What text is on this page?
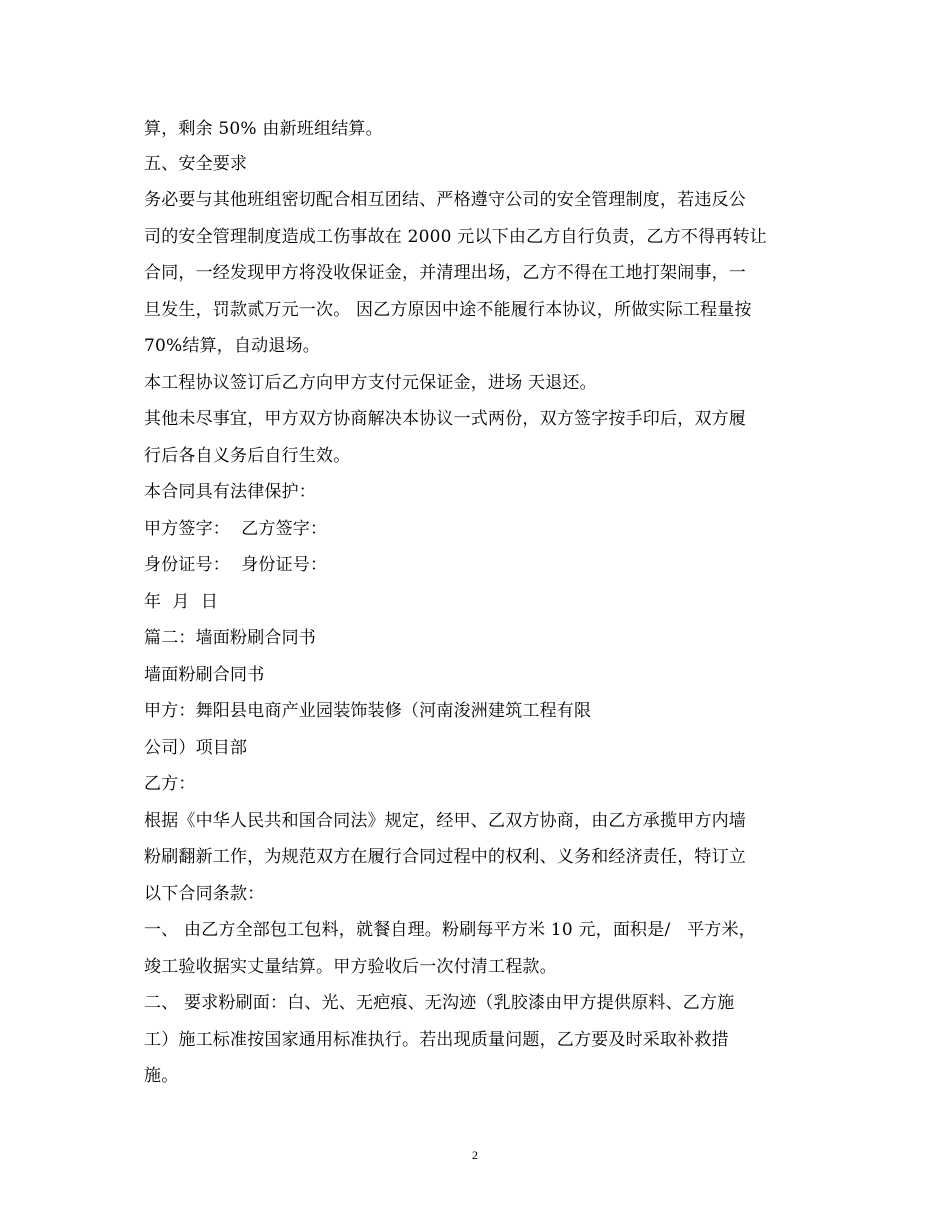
算，剩余 50% 由新班组结算。
五、安全要求
务必要与其他班组密切配合相互团结、严格遵守公司的安全管理制度，若违反公
司的安全管理制度造成工伤事故在 2000 元以下由乙方自行负责，乙方不得再转让
合同，一经发现甲方将没收保证金，并清理出场，乙方不得在工地打架闹事，一
旦发生，罚款贰万元一次。 因乙方原因中途不能履行本协议，所做实际工程量按
70%结算，自动退场。
本工程协议签订后乙方向甲方支付元保证金，进场 天退还。
其他未尽事宜，甲方双方协商解决本协议一式两份，双方签字按手印后，双方履
行后各自义务后自行生效。
本合同具有法律保护：
甲方签字：  乙方签字：
身份证号：  身份证号：
年  月  日
篇二：墙面粉刷合同书
墙面粉刷合同书
甲方：舞阳县电商产业园装饰装修（河南浚洲建筑工程有限
公司）项目部
乙方：
根据《中华人民共和国合同法》规定，经甲、乙双方协商，由乙方承揽甲方内墙
粉刷翻新工作，为规范双方在履行合同过程中的权利、义务和经济责任，特订立
以下合同条款：
一、 由乙方全部包工包料，就餐自理。粉刷每平方米 10 元，面积是/   平方米，
竣工验收据实丈量结算。甲方验收后一次付清工程款。
二、 要求粉刷面：白、光、无疤痕、无沟迹（乳胶漆由甲方提供原料、乙方施
工）施工标准按国家通用标准执行。若出现质量问题，乙方要及时采取补救措
施。
2
